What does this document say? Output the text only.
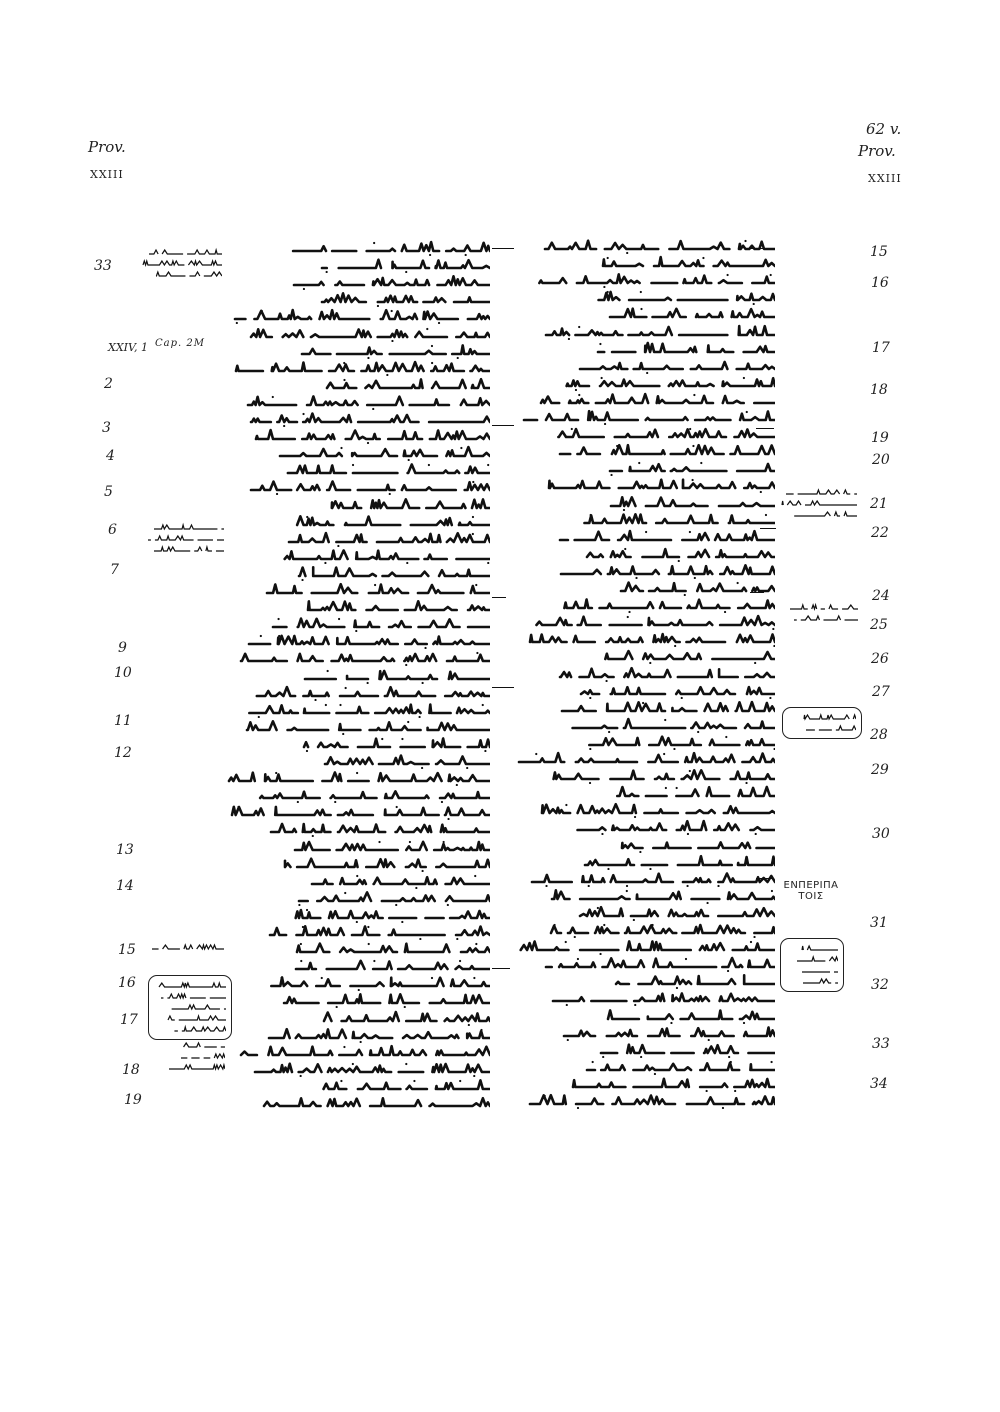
Prov.
XXIII
62 v.
Prov.
XXIII
33
XXIV, 1
2
3
4
5
6
7
9
10
11
12
13
14
15
16
17
18
19
15
16
17
18
19
20
21
22
24
25
26
27
28
29
30
31
32
33
34
Cap. 2M
ΕΝΠΕΡΙΠΑ ΤΟΙΣ
